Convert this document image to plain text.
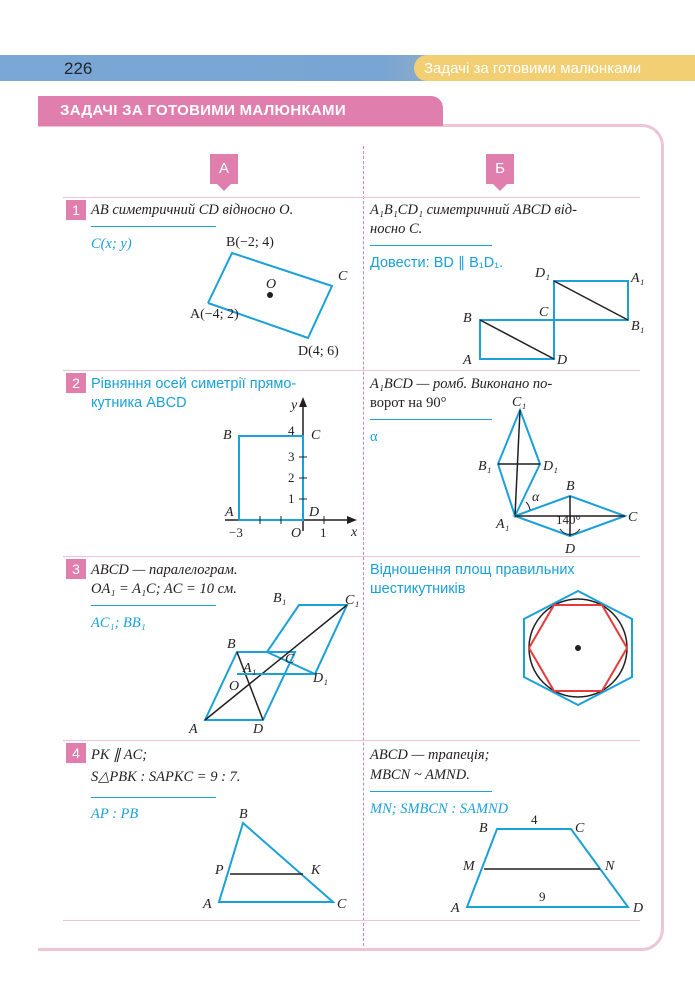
226	Задачі за готовими малюнками
ЗАДАЧІ ЗА ГОТОВИМИ МАЛЮНКАМИ
А	Б
1 AB симетричний CD відносно O.
C(x; y)	B(−2; 4)
O
C
A(−4; 2)
D(4; 6)
A₁B₁CD₁ симетричний ABCD від-
носно C.
Довести: BD ∥ B₁D₁.
D₁	A₁
C
B
B₁
A	D
2 Рівняння осей симетрії прямо-
кутника ABCD	y
x
B	C
A	D
O
4
3
2
1
−3	1
A₁BCD — ромб. Виконано по-
ворот на 90°
α
C₁
B₁	D₁
B
α
A₁	140°	C
D
3 ABCD — паралелограм.
OA₁ = A₁C; AC = 10 см.
AC₁; BB₁
B₁	C₁
B
A₁
C
O
D₁
A	D
Відношення площ правильних
шестикутників
4 PK ∥ AC;
S△PBK : SAPKC = 9 : 7.
AP : PB	B
P	K
A	C
ABCD — трапеція;
MBCN ~ AMND.
MN; SMBCN : SAMND
B
4
C
M	N
9
A	D
